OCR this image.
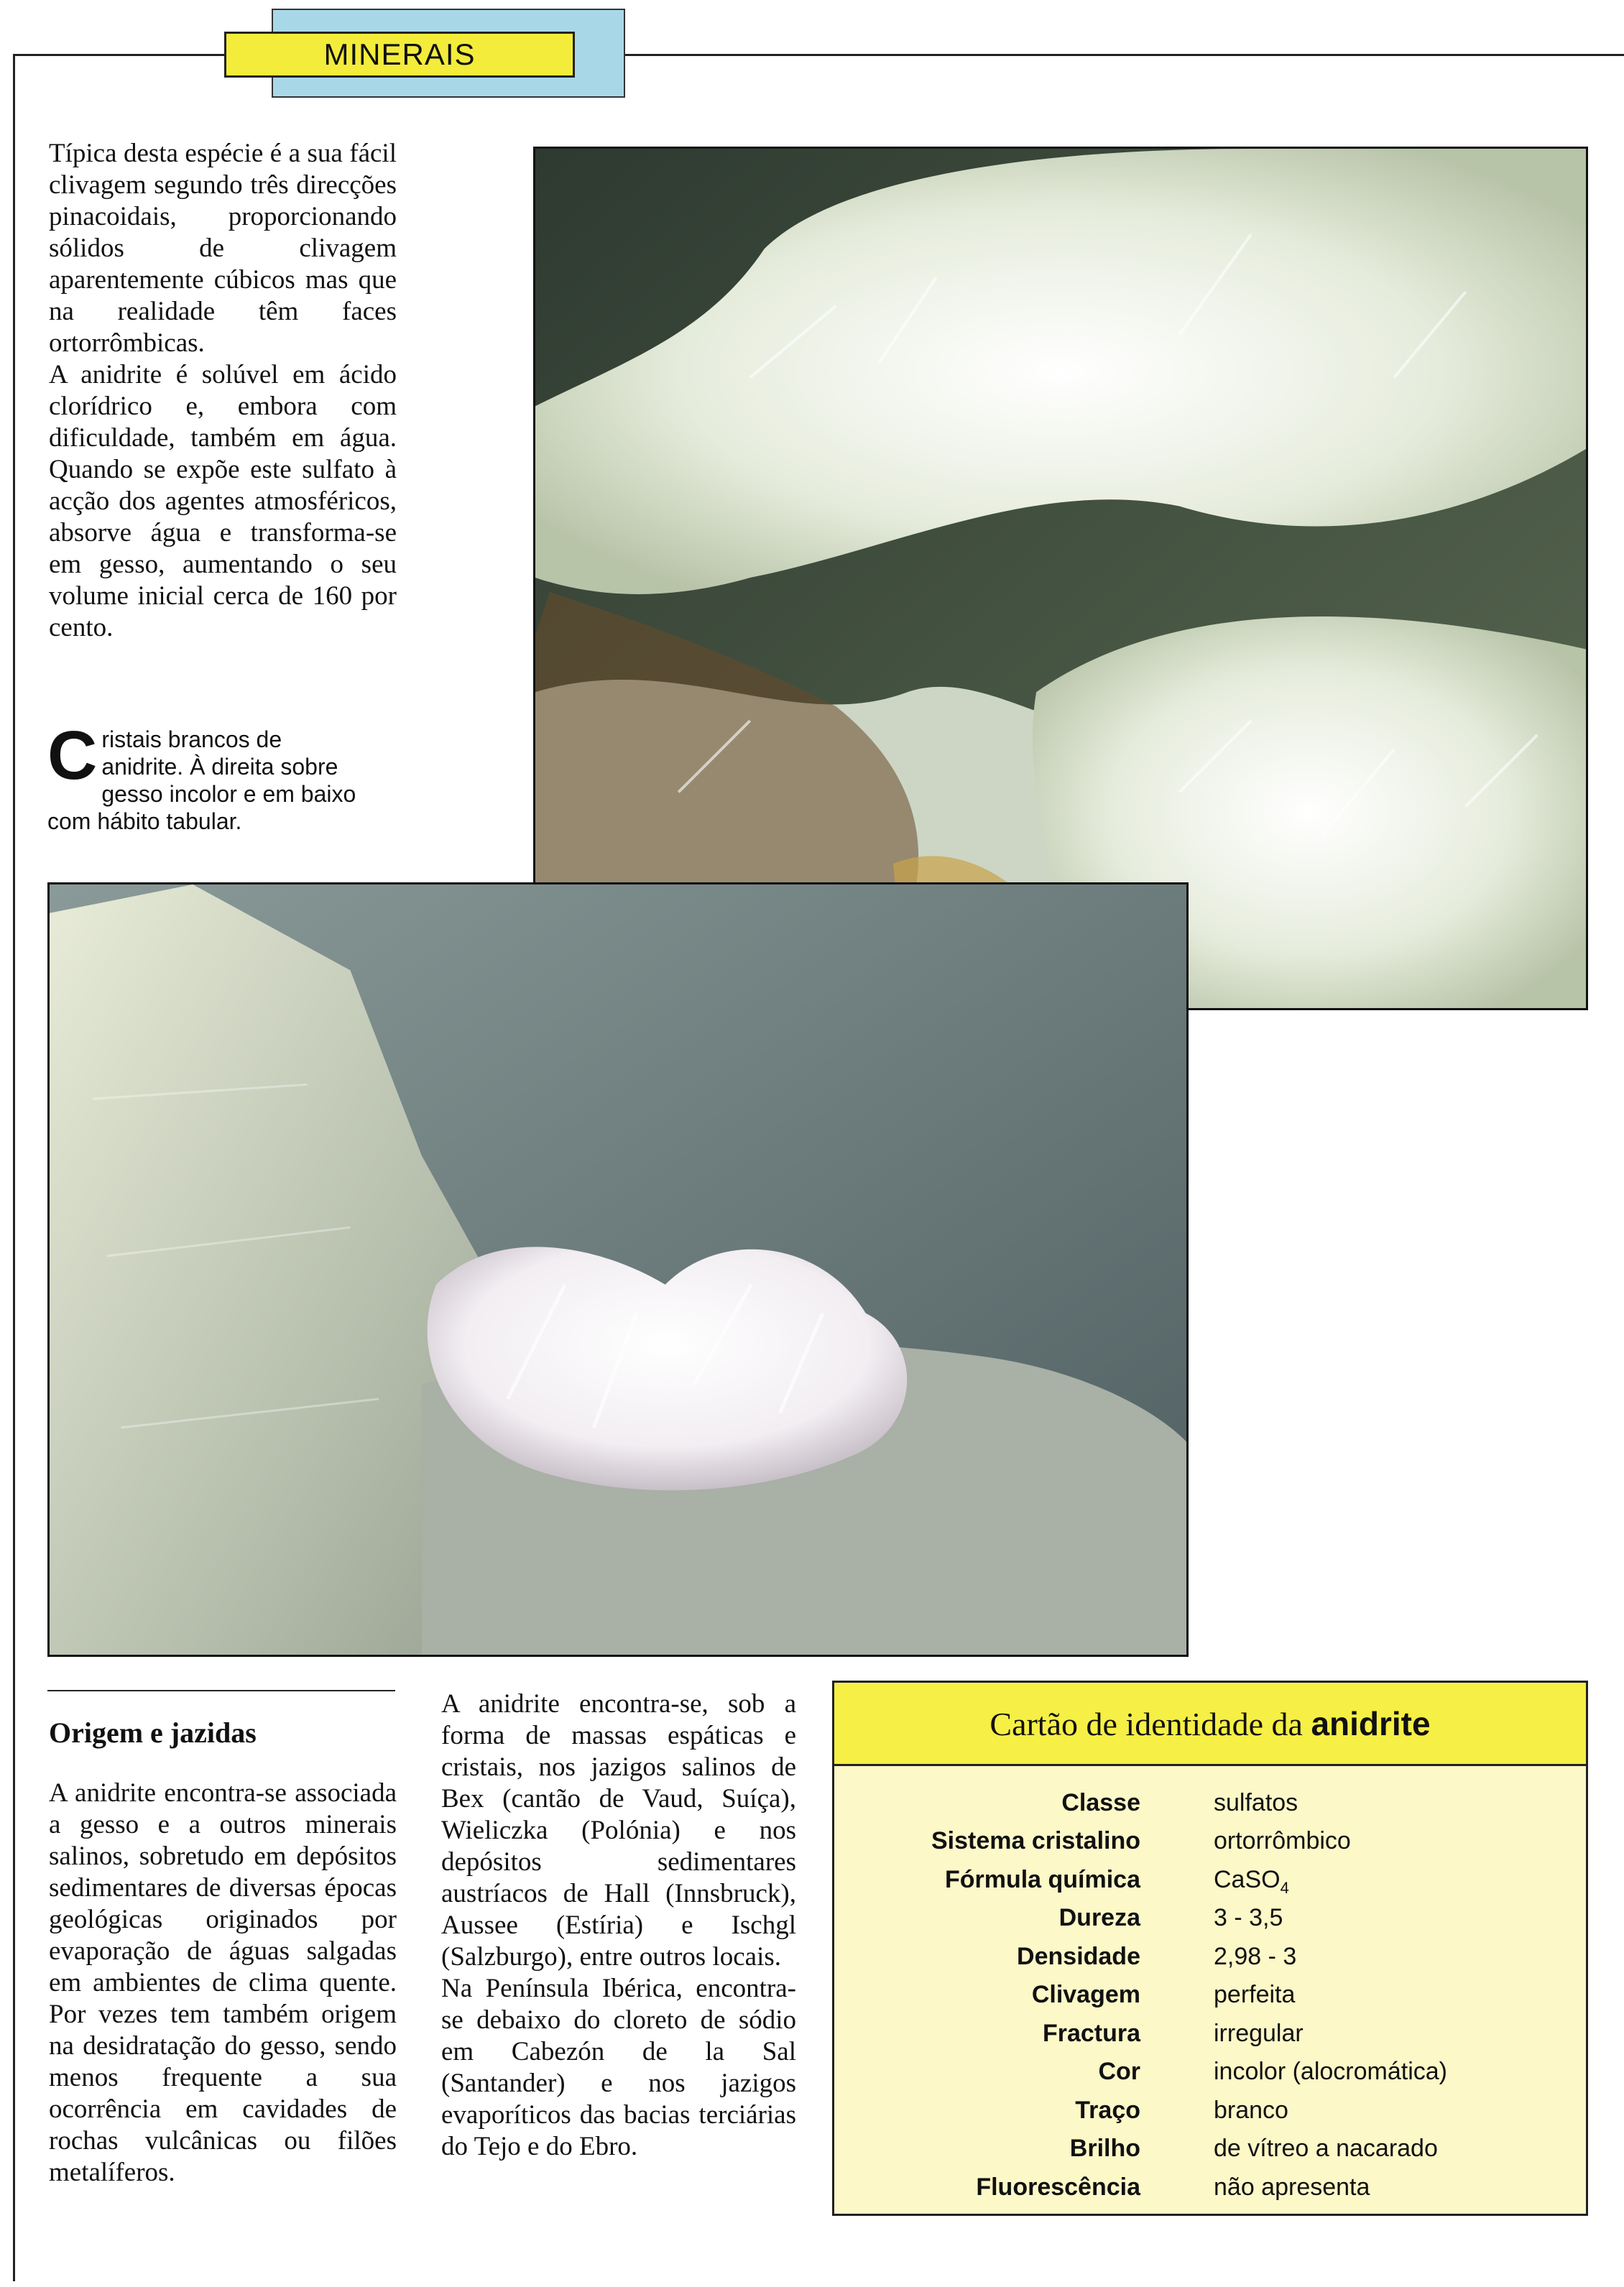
MINERAIS

Típica desta espécie é a sua fácil clivagem segundo três direcções pinacoidais, proporcionando sólidos de clivagem aparentemente cúbicos mas que na realidade têm faces ortorrômbicas.

A anidrite é solúvel em ácido clorídrico e, embora com dificuldade, também em água. Quando se expõe este sulfato à acção dos agentes atmosféricos, absorve água e transforma-se em gesso, aumentando o seu volume inicial cerca de 160 por cento.

Cristais brancos de anidrite. À direita sobre gesso incolor e em baixo com hábito tabular.
Origem e jazidas

A anidrite encontra-se associada a gesso e a outros minerais salinos, sobretudo em depósitos sedimentares de diversas épocas geológicas originados por evaporação de águas salgadas em ambientes de clima quente. Por vezes tem também origem na desidratação do gesso, sendo menos frequente a sua ocorrência em cavidades de rochas vulcânicas ou filões metalíferos.

A anidrite encontra-se, sob a forma de massas espáticas e cristais, nos jazigos salinos de Bex (cantão de Vaud, Suíça), Wieliczka (Polónia) e nos depósitos sedimentares austríacos de Hall (Innsbruck), Aussee (Estíria) e Ischgl (Salzburgo), entre outros locais.

Na Península Ibérica, encontra-se debaixo do cloreto de sódio em Cabezón de la Sal (Santander) e nos jazigos evaporíticos das bacias terciárias do Tejo e do Ebro.

Cartão de identidade da anidrite
Classe	sulfatos
Sistema cristalino	ortorrômbico
Fórmula química	CaSO$_4$
Dureza	3 - 3,5
Densidade	2,98 - 3
Clivagem	perfeita
Fractura	irregular
Cor	incolor (alocromática)
Traço	branco
Brilho	de vítreo a nacarado
Fluorescência	não apresenta
